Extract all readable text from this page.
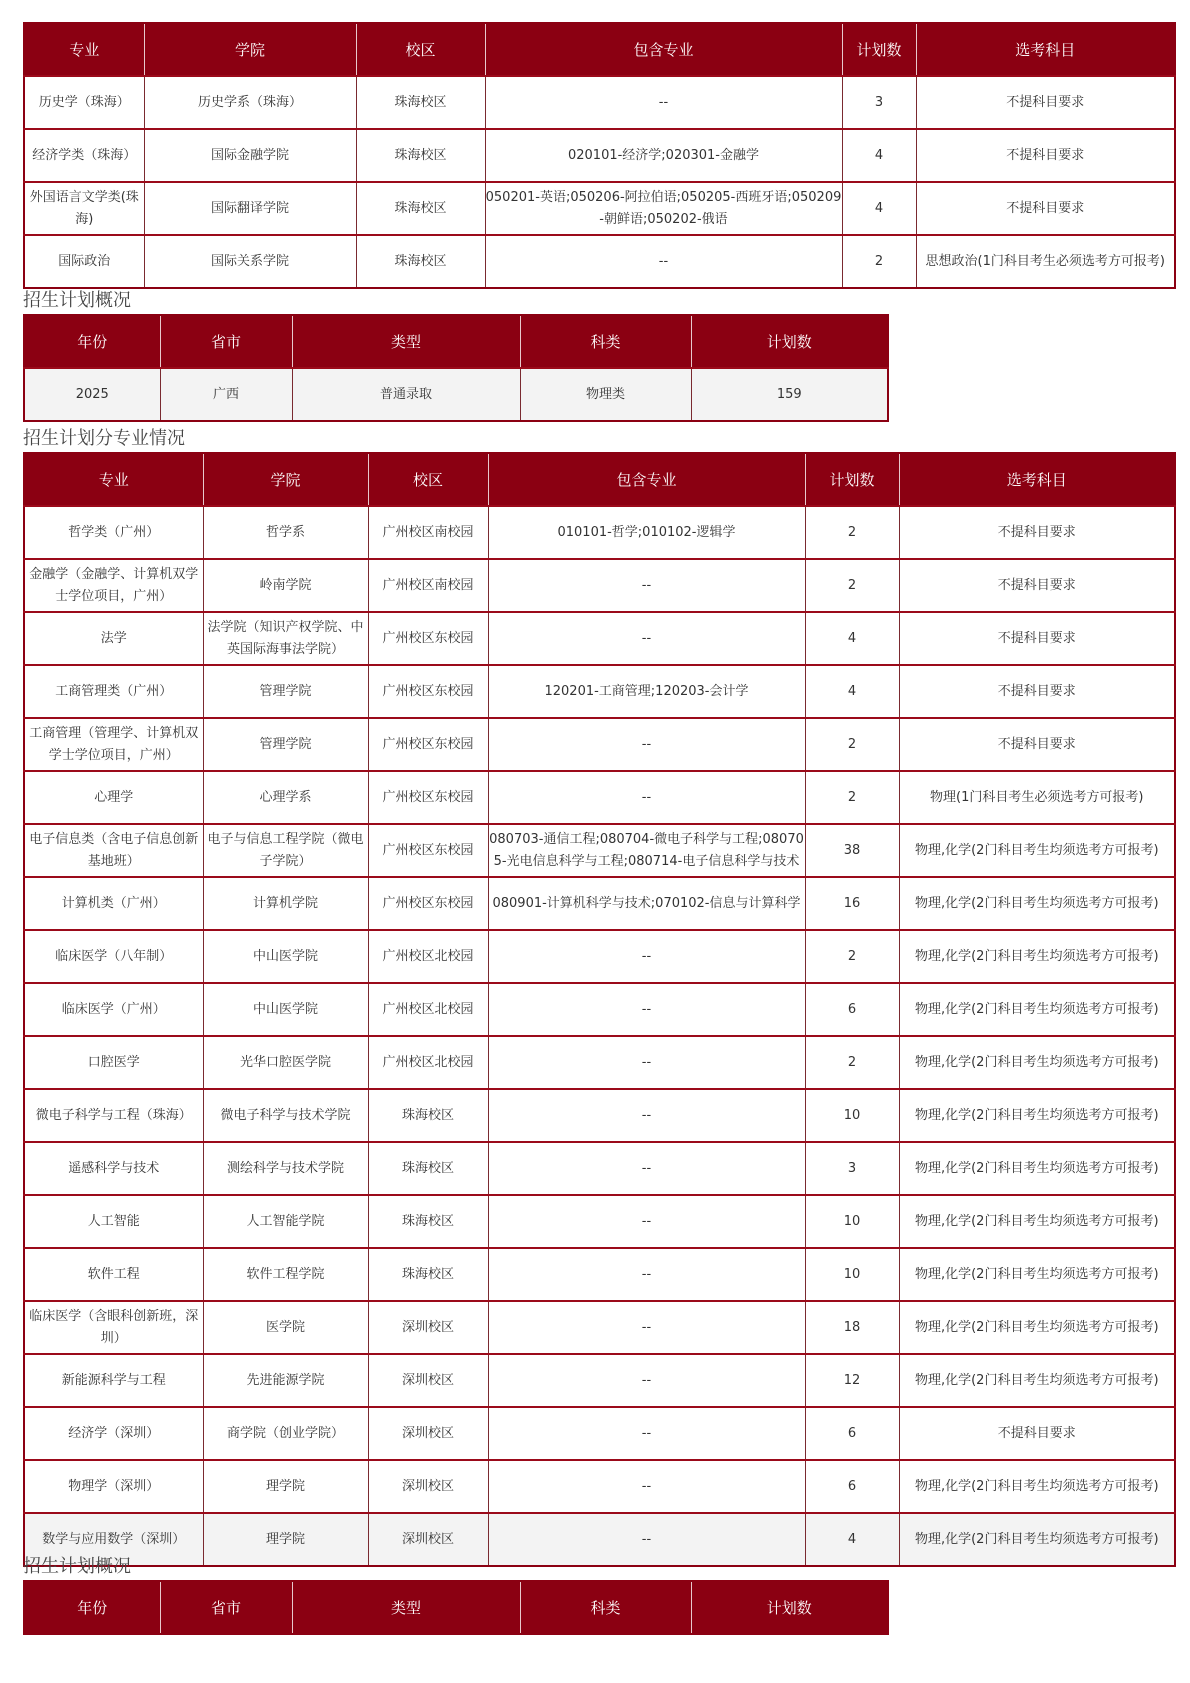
专业	学院	校区	包含专业	计划数	选考科目
历史学（珠海）	历史学系（珠海）	珠海校区	--	3	不提科目要求
经济学类（珠海）	国际金融学院	珠海校区	020101-经济学;020301-金融学	4	不提科目要求
外国语言文学类(珠海)	国际翻译学院	珠海校区	050201-英语;050206-阿拉伯语;050205-西班牙语;050209-朝鲜语;050202-俄语	4	不提科目要求
国际政治	国际关系学院	珠海校区	--	2	思想政治(1门科目考生必须选考方可报考)
招生计划概况
年份	省市	类型	科类	计划数
2025	广西	普通录取	物理类	159
招生计划分专业情况
专业	学院	校区	包含专业	计划数	选考科目
哲学类（广州）	哲学系	广州校区南校园	010101-哲学;010102-逻辑学	2	不提科目要求
金融学（金融学、计算机双学士学位项目，广州）	岭南学院	广州校区南校园	--	2	不提科目要求
法学	法学院（知识产权学院、中英国际海事法学院）	广州校区东校园	--	4	不提科目要求
工商管理类（广州）	管理学院	广州校区东校园	120201-工商管理;120203-会计学	4	不提科目要求
工商管理（管理学、计算机双学士学位项目，广州）	管理学院	广州校区东校园	--	2	不提科目要求
心理学	心理学系	广州校区东校园	--	2	物理(1门科目考生必须选考方可报考)
电子信息类（含电子信息创新基地班）	电子与信息工程学院（微电子学院）	广州校区东校园	080703-通信工程;080704-微电子科学与工程;080705-光电信息科学与工程;080714-电子信息科学与技术	38	物理,化学(2门科目考生均须选考方可报考)
计算机类（广州）	计算机学院	广州校区东校园	080901-计算机科学与技术;070102-信息与计算科学	16	物理,化学(2门科目考生均须选考方可报考)
临床医学（八年制）	中山医学院	广州校区北校园	--	2	物理,化学(2门科目考生均须选考方可报考)
临床医学（广州）	中山医学院	广州校区北校园	--	6	物理,化学(2门科目考生均须选考方可报考)
口腔医学	光华口腔医学院	广州校区北校园	--	2	物理,化学(2门科目考生均须选考方可报考)
微电子科学与工程（珠海）	微电子科学与技术学院	珠海校区	--	10	物理,化学(2门科目考生均须选考方可报考)
遥感科学与技术	测绘科学与技术学院	珠海校区	--	3	物理,化学(2门科目考生均须选考方可报考)
人工智能	人工智能学院	珠海校区	--	10	物理,化学(2门科目考生均须选考方可报考)
软件工程	软件工程学院	珠海校区	--	10	物理,化学(2门科目考生均须选考方可报考)
临床医学（含眼科创新班，深圳）	医学院	深圳校区	--	18	物理,化学(2门科目考生均须选考方可报考)
新能源科学与工程	先进能源学院	深圳校区	--	12	物理,化学(2门科目考生均须选考方可报考)
经济学（深圳）	商学院（创业学院）	深圳校区	--	6	不提科目要求
物理学（深圳）	理学院	深圳校区	--	6	物理,化学(2门科目考生均须选考方可报考)
数学与应用数学（深圳）	理学院	深圳校区	--	4	物理,化学(2门科目考生均须选考方可报考)
招生计划概况
年份	省市	类型	科类	计划数
